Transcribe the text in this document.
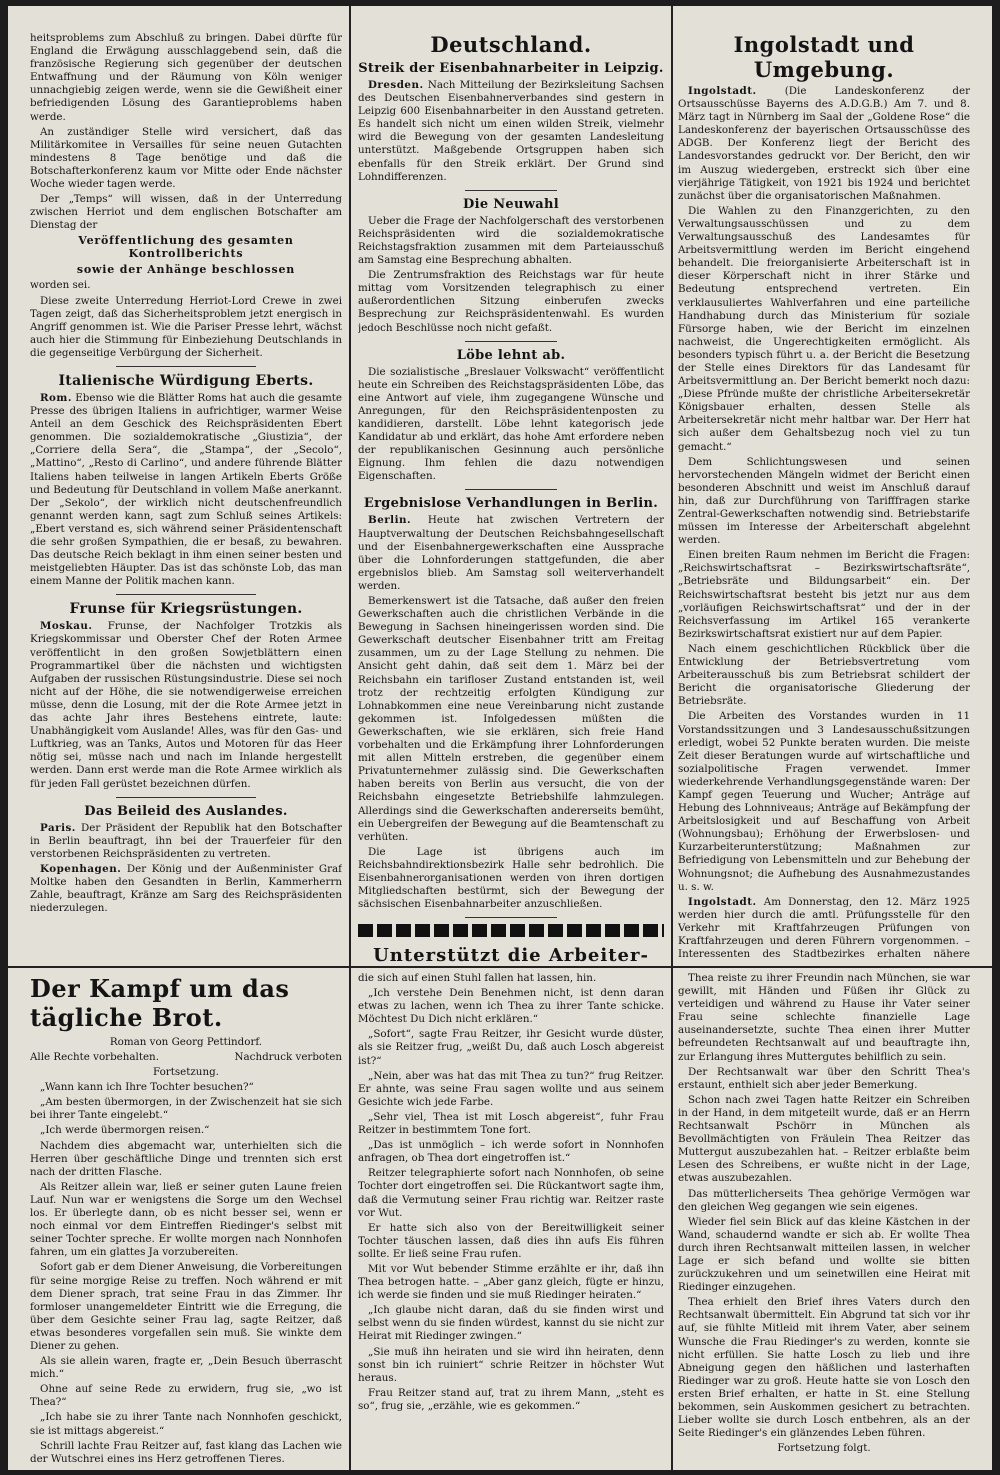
heitsproblems zum Abschluß zu bringen. Dabei dürfte für England die Erwägung ausschlaggebend sein, daß die französische Regierung sich gegenüber der deutschen Entwaffnung und der Räumung von Köln weniger unnachgiebig zeigen werde, wenn sie die Gewißheit einer befriedigenden Lösung des Garantieproblems haben werde.

An zuständiger Stelle wird versichert, daß das Militärkomitee in Versailles für seine neuen Gutachten mindestens 8 Tage benötige und daß die Botschafterkonferenz kaum vor Mitte oder Ende nächster Woche wieder tagen werde.

Der „Temps“ will wissen, daß in der Unterredung zwischen Herriot und dem englischen Botschafter am Dienstag der

Veröffentlichung des gesamten Kontrollberichts
sowie der Anhänge beschlossen

worden sei.

Diese zweite Unterredung Herriot-Lord Crewe in zwei Tagen zeigt, daß das Sicherheitsproblem jetzt energisch in Angriff genommen ist. Wie die Pariser Presse lehrt, wächst auch hier die Stimmung für Einbeziehung Deutschlands in die gegenseitige Verbürgung der Sicherheit.

Italienische Würdigung Eberts.

Rom. Ebenso wie die Blätter Roms hat auch die gesamte Presse des übrigen Italiens in aufrichtiger, warmer Weise Anteil an dem Geschick des Reichspräsidenten Ebert genommen. Die sozialdemokratische „Giustizia“, der „Corriere della Sera“, die „Stampa“, der „Secolo“, „Mattino“, „Resto di Carlino“, und andere führende Blätter Italiens haben teilweise in langen Artikeln Eberts Größe und Bedeutung für Deutschland in vollem Maße anerkannt. Der „Sekolo“, der wirklich nicht deutschenfreundlich genannt werden kann, sagt zum Schluß seines Artikels: „Ebert verstand es, sich während seiner Präsidentenschaft die sehr großen Sympathien, die er besaß, zu bewahren. Das deutsche Reich beklagt in ihm einen seiner besten und meistgeliebten Häupter. Das ist das schönste Lob, das man einem Manne der Politik machen kann.

Frunse für Kriegsrüstungen.

Moskau. Frunse, der Nachfolger Trotzkis als Kriegskommissar und Oberster Chef der Roten Armee veröffentlicht in den großen Sowjetblättern einen Programmartikel über die nächsten und wichtigsten Aufgaben der russischen Rüstungsindustrie. Diese sei noch nicht auf der Höhe, die sie notwendigerweise erreichen müsse, denn die Losung, mit der die Rote Armee jetzt in das achte Jahr ihres Bestehens eintrete, laute: Unabhängigkeit vom Auslande! Alles, was für den Gas- und Luftkrieg, was an Tanks, Autos und Motoren für das Heer nötig sei, müsse nach und nach im Inlande hergestellt werden. Dann erst werde man die Rote Armee wirklich als für jeden Fall gerüstet bezeichnen dürfen.

Das Beileid des Auslandes.

Paris. Der Präsident der Republik hat den Botschafter in Berlin beauftragt, ihn bei der Trauerfeier für den verstorbenen Reichspräsidenten zu vertreten.

Kopenhagen. Der König und der Außenminister Graf Moltke haben den Gesandten in Berlin, Kammerherrn Zahle, beauftragt, Kränze am Sarg des Reichspräsidenten niederzulegen.

Deutschland.
Streik der Eisenbahnarbeiter in Leipzig.

Dresden. Nach Mitteilung der Bezirksleitung Sachsen des Deutschen Eisenbahnerverbandes sind gestern in Leipzig 600 Eisenbahnarbeiter in den Ausstand getreten. Es handelt sich nicht um einen wilden Streik, vielmehr wird die Bewegung von der gesamten Landesleitung unterstützt. Maßgebende Ortsgruppen haben sich ebenfalls für den Streik erklärt. Der Grund sind Lohndifferenzen.

Die Neuwahl

Ueber die Frage der Nachfolgerschaft des verstorbenen Reichspräsidenten wird die sozialdemokratische Reichstagsfraktion zusammen mit dem Parteiausschuß am Samstag eine Besprechung abhalten.

Die Zentrumsfraktion des Reichstags war für heute mittag vom Vorsitzenden telegraphisch zu einer außerordentlichen Sitzung einberufen zwecks Besprechung zur Reichspräsidentenwahl. Es wurden jedoch Beschlüsse noch nicht gefaßt.

Löbe lehnt ab.

Die sozialistische „Breslauer Volkswacht“ veröffentlicht heute ein Schreiben des Reichstagspräsidenten Löbe, das eine Antwort auf viele, ihm zugegangene Wünsche und Anregungen, für den Reichspräsidentenposten zu kandidieren, darstellt. Löbe lehnt kategorisch jede Kandidatur ab und erklärt, das hohe Amt erfordere neben der republikanischen Gesinnung auch persönliche Eignung. Ihm fehlen die dazu notwendigen Eigenschaften.

Ergebnislose Verhandlungen in Berlin.

Berlin. Heute hat zwischen Vertretern der Hauptverwaltung der Deutschen Reichsbahngesellschaft und der Eisenbahnergewerkschaften eine Aussprache über die Lohnforderungen stattgefunden, die aber ergebnislos blieb. Am Samstag soll weiterverhandelt werden.

Bemerkenswert ist die Tatsache, daß außer den freien Gewerkschaften auch die christlichen Verbände in die Bewegung in Sachsen hineingerissen worden sind. Die Gewerkschaft deutscher Eisenbahner tritt am Freitag zusammen, um zu der Lage Stellung zu nehmen. Die Ansicht geht dahin, daß seit dem 1. März bei der Reichsbahn ein tarifloser Zustand entstanden ist, weil trotz der rechtzeitig erfolgten Kündigung zur Lohnabkommen eine neue Vereinbarung nicht zustande gekommen ist. Infolgedessen müßten die Gewerkschaften, wie sie erklären, sich freie Hand vorbehalten und die Erkämpfung ihrer Lohnforderungen mit allen Mitteln erstreben, die gegenüber einem Privatunternehmer zulässig sind. Die Gewerkschaften haben bereits von Berlin aus versucht, die von der Reichsbahn eingesetzte Betriebshilfe lahmzulegen. Allerdings sind die Gewerkschaften andererseits bemüht, ein Uebergreifen der Bewegung auf die Beamtenschaft zu verhüten.

Die Lage ist übrigens auch im Reichsbahndirektionsbezirk Halle sehr bedrohlich. Die Eisenbahnerorganisationen werden von ihren dortigen Mitgliedschaften bestürmt, sich der Bewegung der sächsischen Eisenbahnarbeiter anzuschließen.

Unterstützt die Arbeiter-
Ingolstadt und Umgebung.

Ingolstadt.	(Die Landeskonferenz der Ortsausschüsse Bayerns des A.D.G.B.) Am 7. und 8. März tagt in Nürnberg im Saal der „Goldene Rose“ die Landeskonferenz der bayerischen Ortsausschüsse des ADGB. Der Konferenz liegt der Bericht des Landesvorstandes gedruckt vor. Der Bericht, den wir im Auszug wiedergeben, erstreckt sich über eine vierjährige Tätigkeit, von 1921 bis 1924 und berichtet zunächst über die organisatorischen Maßnahmen.

Die Wahlen zu den Finanzgerichten, zu den Verwaltungsausschüssen und zu dem Verwaltungsausschuß des Landesamtes für Arbeitsvermittlung werden im Bericht eingehend behandelt. Die freiorganisierte Arbeiterschaft ist in dieser Körperschaft nicht in ihrer Stärke und Bedeutung entsprechend vertreten. Ein verklausuliertes Wahlverfahren und eine parteiliche Handhabung durch das Ministerium für soziale Fürsorge haben, wie der Bericht im einzelnen nachweist, die Ungerechtigkeiten ermöglicht. Als besonders typisch führt u. a. der Bericht die Besetzung der Stelle eines Direktors für das Landesamt für Arbeitsvermittlung an. Der Bericht bemerkt noch dazu: „Diese Pfründe mußte der christliche Arbeitersekretär Königsbauer erhalten, dessen Stelle als Arbeitersekretär nicht mehr haltbar war. Der Herr hat sich außer dem Gehaltsbezug noch viel zu tun gemacht.“

Dem Schlichtungswesen und seinen hervorstechenden Mängeln widmet der Bericht einen besonderen Abschnitt und weist im Anschluß darauf hin, daß zur Durchführung von Tarifffragen starke Zentral-Gewerkschaften notwendig sind. Betriebstarife müssen im Interesse der Arbeiterschaft abgelehnt werden.

Einen breiten Raum nehmen im Bericht die Fragen: „Reichswirtschaftsrat – Bezirkswirtschaftsräte“, „Betriebsräte und Bildungsarbeit“ ein. Der Reichswirtschaftsrat besteht bis jetzt nur aus dem „vorläufigen Reichswirtschaftsrat“ und der in der Reichsverfassung im Artikel 165 verankerte Bezirkswirtschaftsrat existiert nur auf dem Papier.

Nach einem geschichtlichen Rückblick über die Entwicklung der Betriebsvertretung vom Arbeiterausschuß bis zum Betriebsrat schildert der Bericht die organisatorische Gliederung der Betriebsräte.

Die Arbeiten des Vorstandes wurden in 11 Vorstandssitzungen und 3 Landesausschußsitzungen erledigt, wobei 52 Punkte beraten wurden. Die meiste Zeit dieser Beratungen wurde auf wirtschaftliche und sozialpolitische Fragen verwendet. Immer wiederkehrende Verhandlungsgegenstände waren: Der Kampf gegen Teuerung und Wucher; Anträge auf Hebung des Lohnniveaus; Anträge auf Bekämpfung der Arbeitslosigkeit und auf Beschaffung von Arbeit (Wohnungsbau); Erhöhung der Erwerbslosen- und Kurzarbeiterunterstützung; Maßnahmen zur Befriedigung von Lebensmitteln und zur Behebung der Wohnungsnot; die Aufhebung des Ausnahmezustandes u. s. w.

Ingolstadt. Am Donnerstag, den 12. März 1925 werden hier durch die amtl. Prüfungsstelle für den Verkehr mit Kraftfahrzeugen Prüfungen von Kraftfahrzeugen und deren Führern vorgenommen. – Interessenten des Stadtbezirkes erhalten nähere

Der Kampf um das tägliche Brot.

Roman von Georg Pettindorf.

Alle Rechte vorbehalten.	Nachdruck verboten

Fortsetzung.

„Wann kann ich Ihre Tochter besuchen?“

„Am besten übermorgen, in der Zwischenzeit hat sie sich bei ihrer Tante eingelebt.“

„Ich werde übermorgen reisen.“

Nachdem dies abgemacht war, unterhielten sich die Herren über geschäftliche Dinge und trennten sich erst nach der dritten Flasche.

Als Reitzer allein war, ließ er seiner guten Laune freien Lauf. Nun war er wenigstens die Sorge um den Wechsel los. Er überlegte dann, ob es nicht besser sei, wenn er noch einmal vor dem Eintreffen Riedinger's selbst mit seiner Tochter spreche. Er wollte morgen nach Nonnhofen fahren, um ein glattes Ja vorzubereiten.

Sofort gab er dem Diener Anweisung, die Vorbereitungen für seine morgige Reise zu treffen. Noch während er mit dem Diener sprach, trat seine Frau in das Zimmer. Ihr formloser unangemeldeter Eintritt wie die Erregung, die über dem Gesichte seiner Frau lag, sagte Reitzer, daß etwas besonderes vorgefallen sein muß. Sie winkte dem Diener zu gehen.

Als sie allein waren, fragte er, „Dein Besuch überrascht mich.“

Ohne auf seine Rede zu erwidern, frug sie, „wo ist Thea?“

„Ich habe sie zu ihrer Tante nach Nonnhofen geschickt, sie ist mittags abgereist.“

Schrill lachte Frau Reitzer auf, fast klang das Lachen wie der Wutschrei eines ins Herz getroffenen Tieres.

die sich auf einen Stuhl fallen hat lassen, hin.

„Ich verstehe Dein Benehmen nicht, ist denn daran etwas zu lachen, wenn ich Thea zu ihrer Tante schicke. Möchtest Du Dich nicht erklären.“

„Sofort“, sagte Frau Reitzer, ihr Gesicht wurde düster, als sie Reitzer frug, „weißt Du, daß auch Losch abgereist ist?“

„Nein, aber was hat das mit Thea zu tun?“ frug Reitzer. Er ahnte, was seine Frau sagen wollte und aus seinem Gesichte wich jede Farbe.

„Sehr viel, Thea ist mit Losch abgereist“, fuhr Frau Reitzer in bestimmtem Tone fort.

„Das ist unmöglich – ich werde sofort in Nonnhofen anfragen, ob Thea dort eingetroffen ist.“

Reitzer telegraphierte sofort nach Nonnhofen, ob seine Tochter dort eingetroffen sei. Die Rückantwort sagte ihm, daß die Vermutung seiner Frau richtig war. Reitzer raste vor Wut.

Er hatte sich also von der Bereitwilligkeit seiner Tochter täuschen lassen, daß dies ihn aufs Eis führen sollte. Er ließ seine Frau rufen.

Mit vor Wut bebender Stimme erzählte er ihr, daß ihn Thea betrogen hatte. – „Aber ganz gleich, fügte er hinzu, ich werde sie finden und sie muß Riedinger heiraten.“

„Ich glaube nicht daran, daß du sie finden wirst und selbst wenn du sie finden würdest, kannst du sie nicht zur Heirat mit Riedinger zwingen.“

„Sie muß ihn heiraten und sie wird ihn heiraten, denn sonst bin ich ruiniert“ schrie Reitzer in höchster Wut heraus.

Frau Reitzer stand auf, trat zu ihrem Mann, „steht es so“, frug sie, „erzähle, wie es gekommen.“

Thea reiste zu ihrer Freundin nach München, sie war gewillt, mit Händen und Füßen ihr Glück zu verteidigen und während zu Hause ihr Vater seiner Frau seine schlechte finanzielle Lage auseinandersetzte, suchte Thea einen ihrer Mutter befreundeten Rechtsanwalt auf und beauftragte ihn, zur Erlangung ihres Muttergutes behilflich zu sein.

Der Rechtsanwalt war über den Schritt Thea's erstaunt, enthielt sich aber jeder Bemerkung.

Schon nach zwei Tagen hatte Reitzer ein Schreiben in der Hand, in dem mitgeteilt wurde, daß er an Herrn Rechtsanwalt Pschörr in München als Bevollmächtigten von Fräulein Thea Reitzer das Muttergut auszubezahlen hat. – Reitzer erblaßte beim Lesen des Schreibens, er wußte nicht in der Lage, etwas auszubezahlen.

Das mütterlicherseits Thea gehörige Vermögen war den gleichen Weg gegangen wie sein eigenes.

Wieder fiel sein Blick auf das kleine Kästchen in der Wand, schaudernd wandte er sich ab. Er wollte Thea durch ihren Rechtsanwalt mitteilen lassen, in welcher Lage er sich befand und wollte sie bitten zurückzukehren und um seinetwillen eine Heirat mit Riedinger einzugehen.

Thea erhielt den Brief ihres Vaters durch den Rechtsanwalt übermittelt. Ein Abgrund tat sich vor ihr auf, sie fühlte Mitleid mit ihrem Vater, aber seinem Wunsche die Frau Riedinger's zu werden, konnte sie nicht erfüllen. Sie hatte Losch zu lieb und ihre Abneigung gegen den häßlichen und lasterhaften Riedinger war zu groß. Heute hatte sie von Losch den ersten Brief erhalten, er hatte in St. eine Stellung bekommen, sein Auskommen gesichert zu betrachten. Lieber wollte sie durch Losch entbehren, als an der Seite Riedinger's ein glänzendes Leben führen.

Fortsetzung folgt.
